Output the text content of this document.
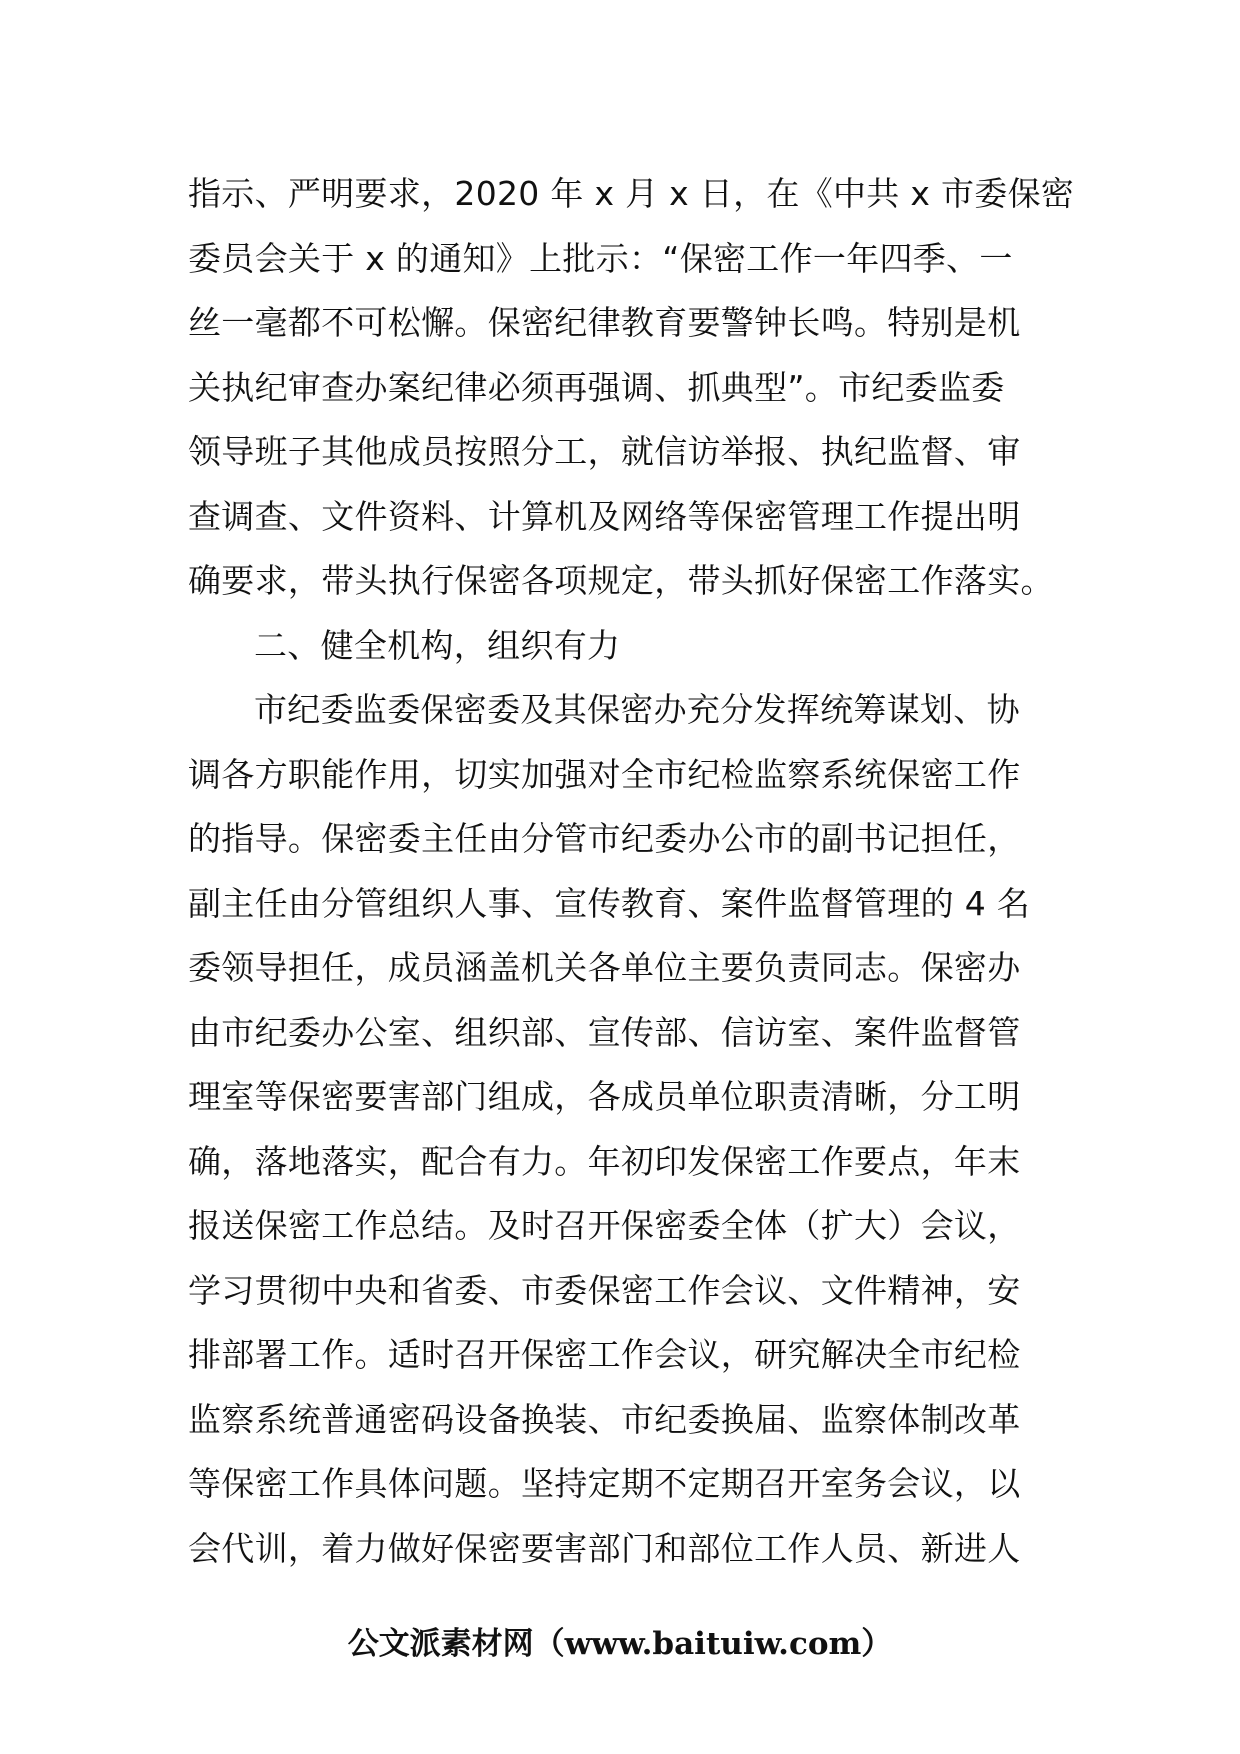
指示、严明要求，2020 年 x 月 x 日，在《中共 x 市委保密
委员会关于 x 的通知》上批示：“保密工作一年四季、一
丝一毫都不可松懈。保密纪律教育要警钟长鸣。特别是机
关执纪审查办案纪律必须再强调、抓典型”。市纪委监委
领导班子其他成员按照分工，就信访举报、执纪监督、审
查调查、文件资料、计算机及网络等保密管理工作提出明
确要求，带头执行保密各项规定，带头抓好保密工作落实。
二、健全机构，组织有力
市纪委监委保密委及其保密办充分发挥统筹谋划、协
调各方职能作用，切实加强对全市纪检监察系统保密工作
的指导。保密委主任由分管市纪委办公市的副书记担任，
副主任由分管组织人事、宣传教育、案件监督管理的 4 名
委领导担任，成员涵盖机关各单位主要负责同志。保密办
由市纪委办公室、组织部、宣传部、信访室、案件监督管
理室等保密要害部门组成，各成员单位职责清晰，分工明
确，落地落实，配合有力。年初印发保密工作要点，年末
报送保密工作总结。及时召开保密委全体（扩大）会议，
学习贯彻中央和省委、市委保密工作会议、文件精神，安
排部署工作。适时召开保密工作会议，研究解决全市纪检
监察系统普通密码设备换装、市纪委换届、监察体制改革
等保密工作具体问题。坚持定期不定期召开室务会议，以
会代训，着力做好保密要害部门和部位工作人员、新进人
公文派素材网（www.baituiw.com）
